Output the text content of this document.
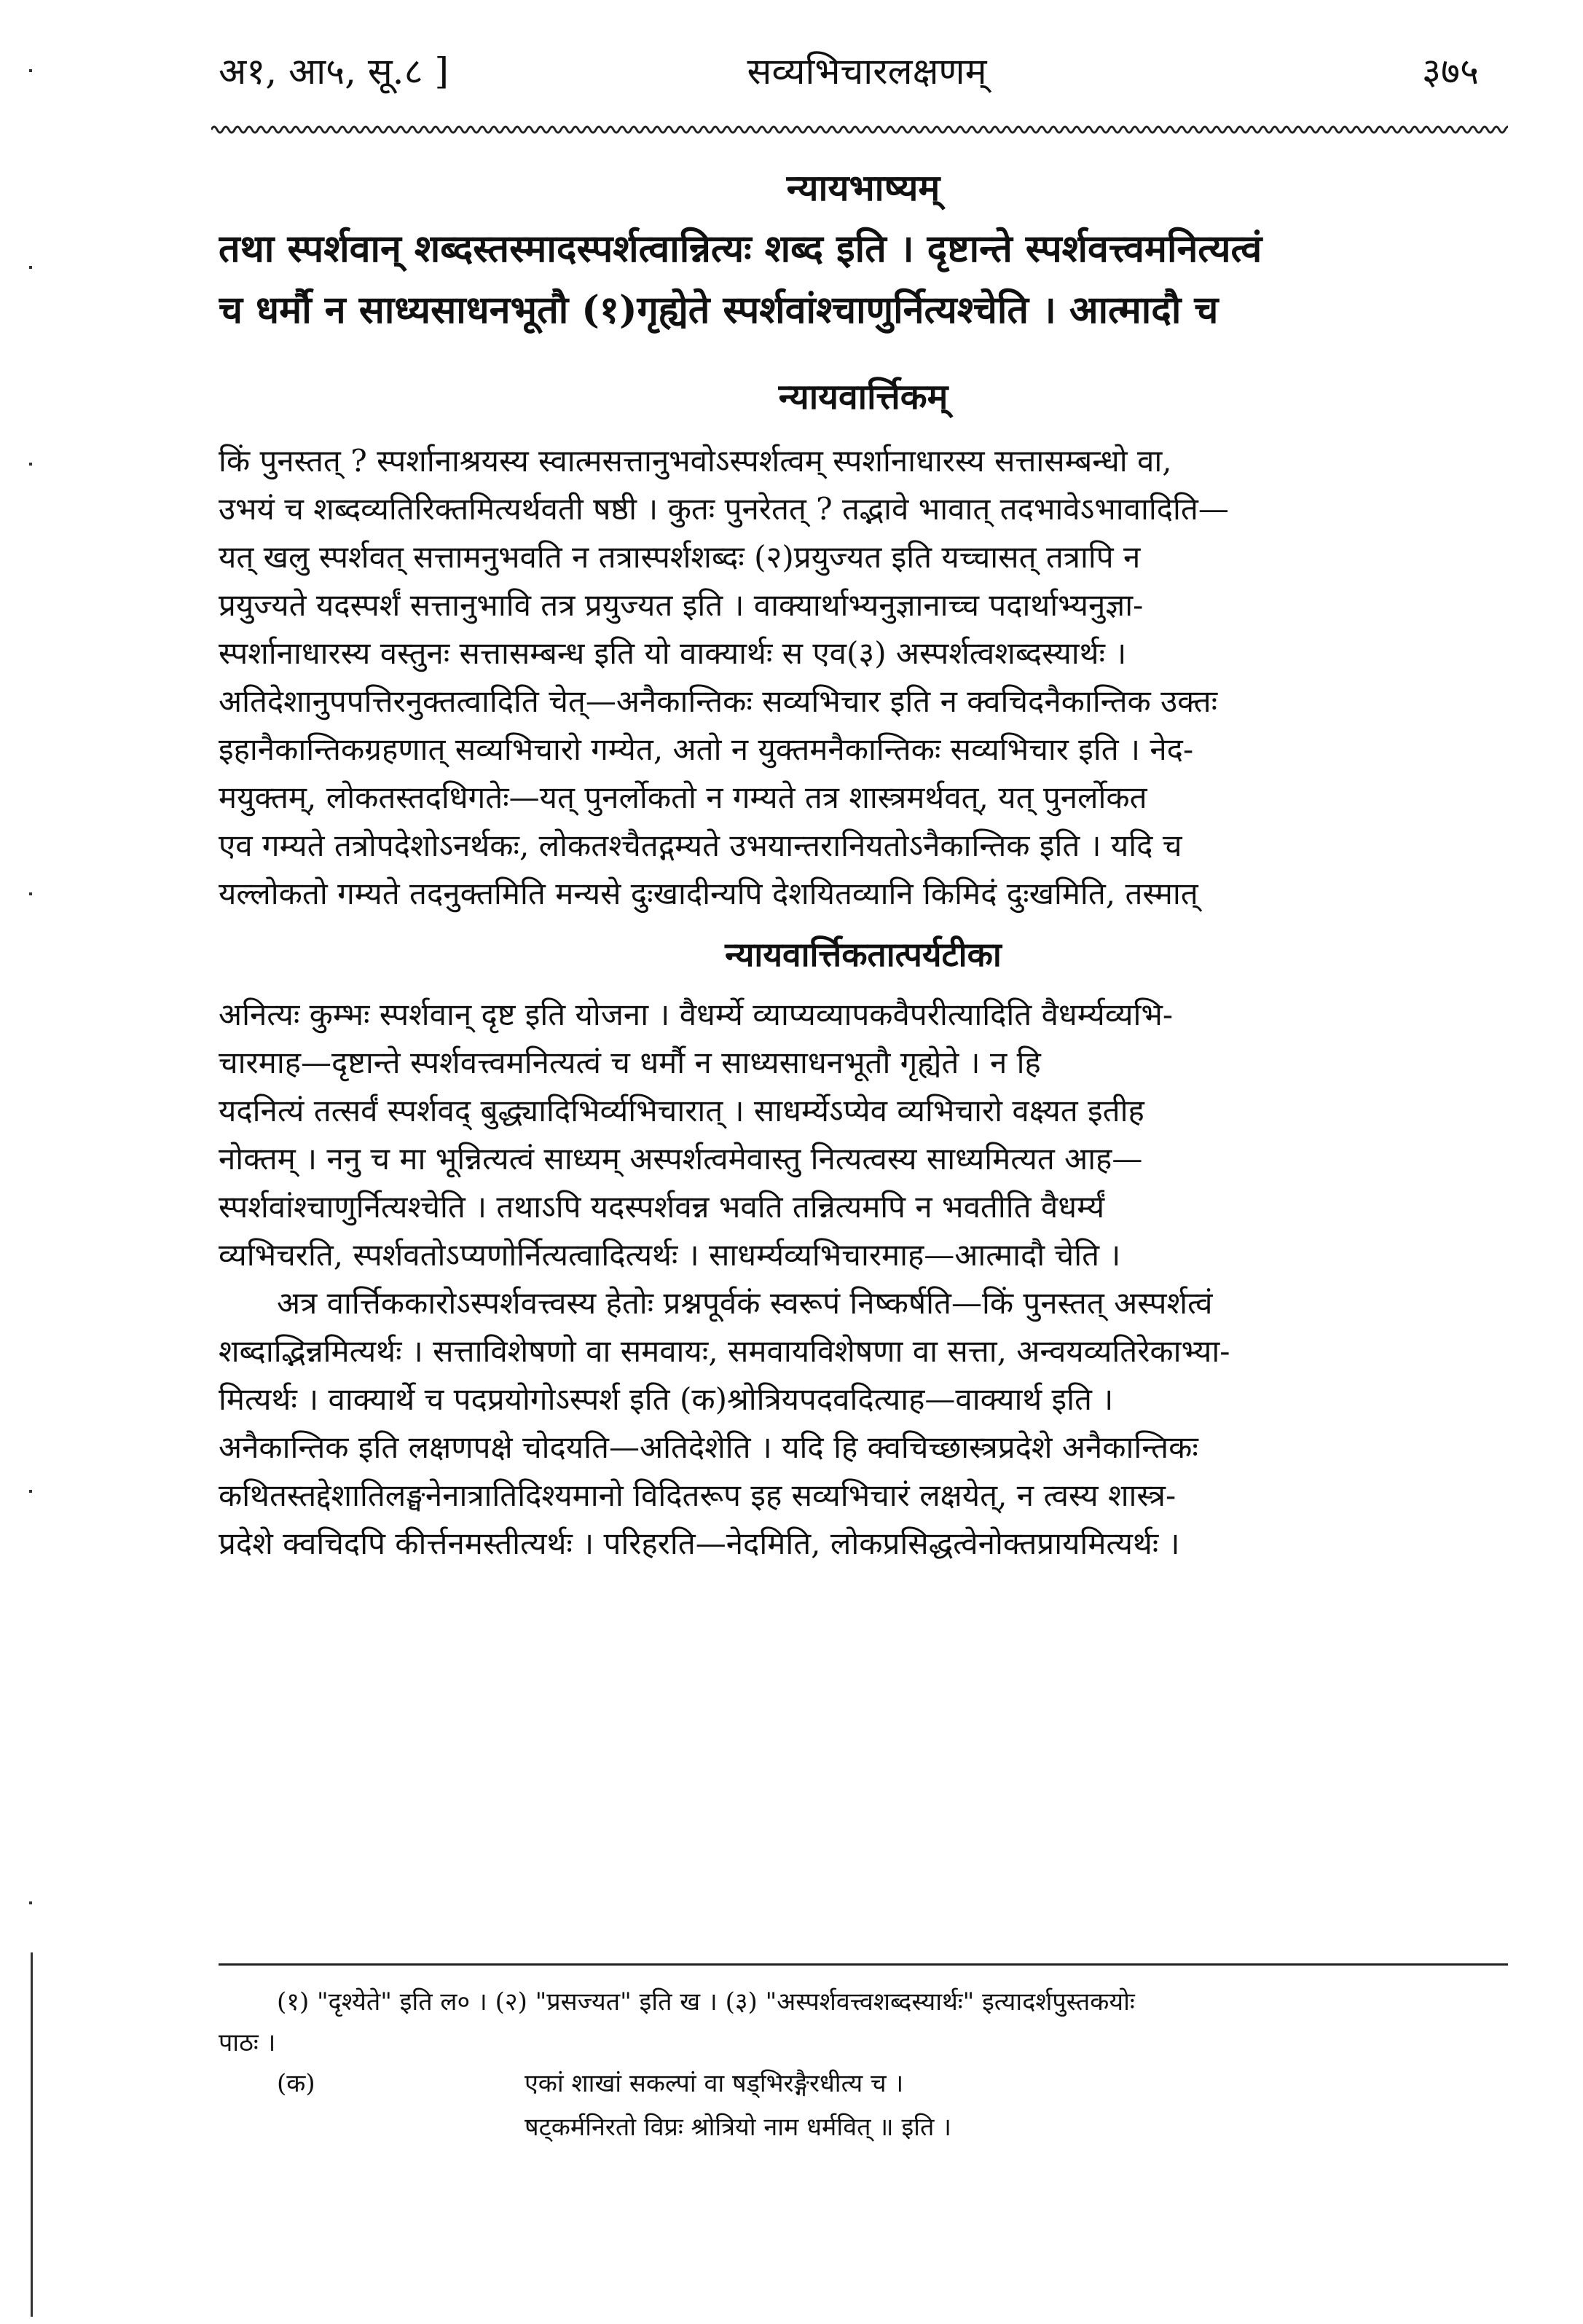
अ१, आ५, सू.८ ]	सव्यभिचारलक्षणम्	३७५
न्यायभाष्यम्
तथा स्पर्शवान् शब्दस्तस्मादस्पर्शत्वान्नित्यः शब्द इति । दृष्टान्ते स्पर्शवत्त्वमनित्यत्वं
च धर्मौ न साध्यसाधनभूतौ (१)गृह्येते स्पर्शवांश्चाणुर्नित्यश्चेति । आत्मादौ च
न्यायवार्त्तिकम्
किं पुनस्तत् ? स्पर्शानाश्रयस्य स्वात्मसत्तानुभवोऽस्पर्शत्वम् स्पर्शानाधारस्य सत्तासम्बन्धो वा,
उभयं च शब्दव्यतिरिक्तमित्यर्थवती षष्ठी । कुतः पुनरेतत् ? तद्भावे भावात् तदभावेऽभावादिति—
यत् खलु स्पर्शवत् सत्तामनुभवति न तत्रास्पर्शशब्दः (२)प्रयुज्यत इति यच्चासत् तत्रापि न
प्रयुज्यते यदस्पर्शं सत्तानुभावि तत्र प्रयुज्यत इति । वाक्यार्थाभ्यनुज्ञानाच्च पदार्थाभ्यनुज्ञा-
स्पर्शानाधारस्य वस्तुनः सत्तासम्बन्ध इति यो वाक्यार्थः स एव(३) अस्पर्शत्वशब्दस्यार्थः ।
अतिदेशानुपपत्तिरनुक्तत्वादिति चेत्—अनैकान्तिकः सव्यभिचार इति न क्वचिदनैकान्तिक उक्तः
इहानैकान्तिकग्रहणात् सव्यभिचारो गम्येत, अतो न युक्तमनैकान्तिकः सव्यभिचार इति । नेद-
मयुक्तम्, लोकतस्तदधिगतेः—यत् पुनर्लोकतो न गम्यते तत्र शास्त्रमर्थवत्, यत् पुनर्लोकत
एव गम्यते तत्रोपदेशोऽनर्थकः, लोकतश्चैतद्गम्यते उभयान्तरानियतोऽनैकान्तिक इति । यदि च
यल्लोकतो गम्यते तदनुक्तमिति मन्यसे दुःखादीन्यपि देशयितव्यानि किमिदं दुःखमिति, तस्मात्
न्यायवार्त्तिकतात्पर्यटीका
अनित्यः कुम्भः स्पर्शवान् दृष्ट इति योजना । वैधर्म्ये व्याप्यव्यापकवैपरीत्यादिति वैधर्म्यव्यभि-
चारमाह—दृष्टान्ते स्पर्शवत्त्वमनित्यत्वं च धर्मौ न साध्यसाधनभूतौ गृह्येते । न हि
यदनित्यं तत्सर्वं स्पर्शवद् बुद्ध्यादिभिर्व्यभिचारात् । साधर्म्येऽप्येव व्यभिचारो वक्ष्यत इतीह
नोक्तम् । ननु च मा भून्नित्यत्वं साध्यम् अस्पर्शत्वमेवास्तु नित्यत्वस्य साध्यमित्यत आह—
स्पर्शवांश्चाणुर्नित्यश्चेति । तथाऽपि यदस्पर्शवन्न भवति तन्नित्यमपि न भवतीति वैधर्म्यं
व्यभिचरति, स्पर्शवतोऽप्यणोर्नित्यत्वादित्यर्थः । साधर्म्यव्यभिचारमाह—आत्मादौ चेति ।
अत्र वार्त्तिककारोऽस्पर्शवत्त्वस्य हेतोः प्रश्नपूर्वकं स्वरूपं निष्कर्षति—किं पुनस्तत् अस्पर्शत्वं
शब्दाद्भिन्नमित्यर्थः । सत्ताविशेषणो वा समवायः, समवायविशेषणा वा सत्ता, अन्वयव्यतिरेकाभ्या-
मित्यर्थः । वाक्यार्थे च पदप्रयोगोऽस्पर्श इति (क)श्रोत्रियपदवदित्याह—वाक्यार्थ इति ।
अनैकान्तिक इति लक्षणपक्षे चोदयति—अतिदेशेति । यदि हि क्वचिच्छास्त्रप्रदेशे अनैकान्तिकः
कथितस्तद्देशातिलङ्घनेनात्रातिदिश्यमानो विदितरूप इह सव्यभिचारं लक्षयेत्, न त्वस्य शास्त्र-
प्रदेशे क्वचिदपि कीर्त्तनमस्तीत्यर्थः । परिहरति—नेदमिति, लोकप्रसिद्धत्वेनोक्तप्रायमित्यर्थः ।
(१) "दृश्येते" इति ल० । (२) "प्रसज्यत" इति ख । (३) "अस्पर्शवत्त्वशब्दस्यार्थः" इत्यादर्शपुस्तकयोः
पाठः ।
(क)	एकां शाखां सकल्पां वा षड्भिरङ्गैरधीत्य च ।
षट्कर्मनिरतो विप्रः श्रोत्रियो नाम धर्मवित् ॥ इति ।
